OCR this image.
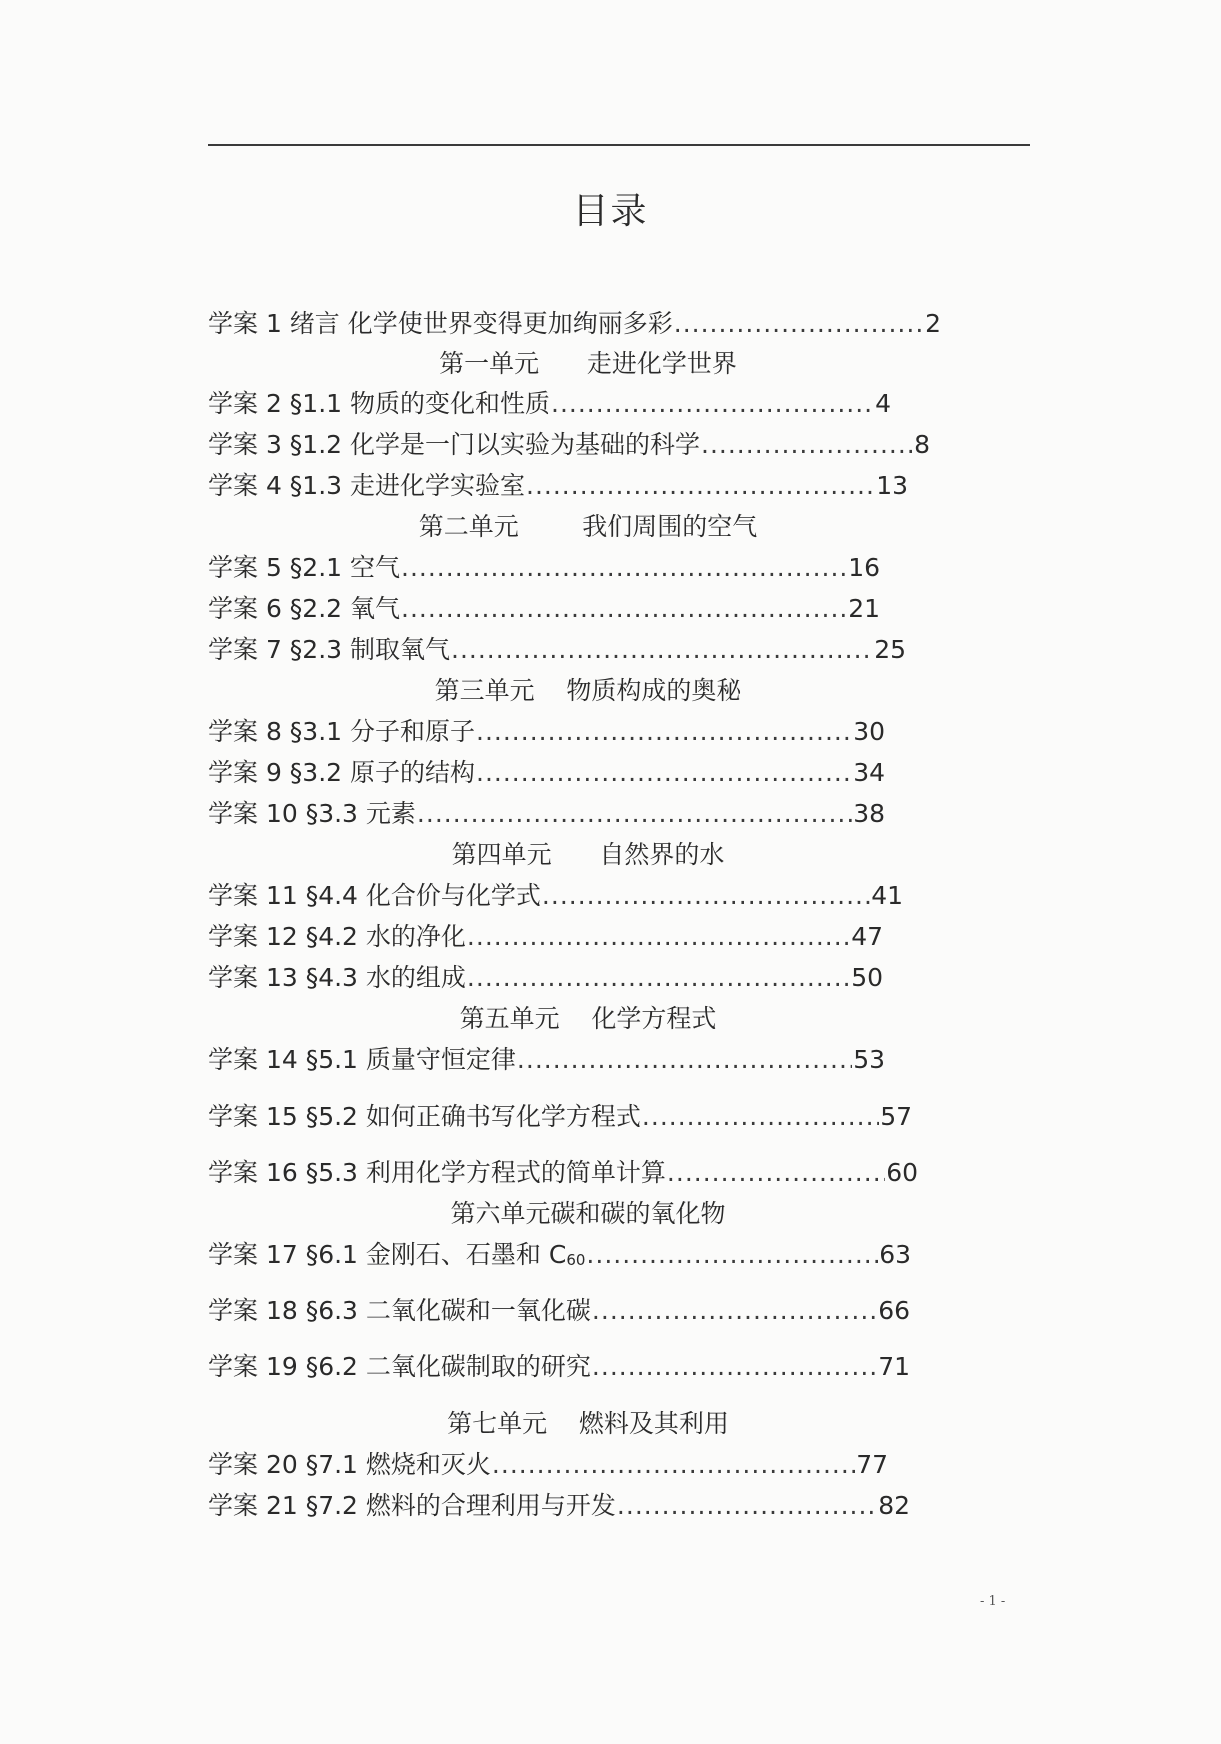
目录
学案 1 绪言 化学使世界变得更加绚丽多彩 .....	2
第一单元      走进化学世界
学案 2 §1.1 物质的变化和性质 .....	4
学案 3 §1.2 化学是一门以实验为基础的科学 .....	8
学案 4 §1.3 走进化学实验室 .....	13
第二单元        我们周围的空气
学案 5 §2.1 空气 .....	16
学案 6 §2.2 氧气 .....	21
学案 7 §2.3 制取氧气 .....	25
第三单元    物质构成的奥秘
学案 8 §3.1 分子和原子 .....	30
学案 9 §3.2 原子的结构 .....	34
学案 10 §3.3 元素 .....	38
第四单元      自然界的水
学案 11 §4.4 化合价与化学式 .....	41
学案 12 §4.2 水的净化 .....	47
学案 13 §4.3 水的组成 .....	50
第五单元    化学方程式
学案 14 §5.1 质量守恒定律 .....	53
学案 15 §5.2 如何正确书写化学方程式 .....	57
学案 16 §5.3 利用化学方程式的简单计算 .....	60
第六单元碳和碳的氧化物
学案 17 §6.1 金刚石、石墨和 C60 .....	63
学案 18 §6.3 二氧化碳和一氧化碳 .....	66
学案 19 §6.2 二氧化碳制取的研究 .....	71
第七单元    燃料及其利用
学案 20 §7.1 燃烧和灭火 .....	77
学案 21 §7.2 燃料的合理利用与开发 .....	82
- 1 -
